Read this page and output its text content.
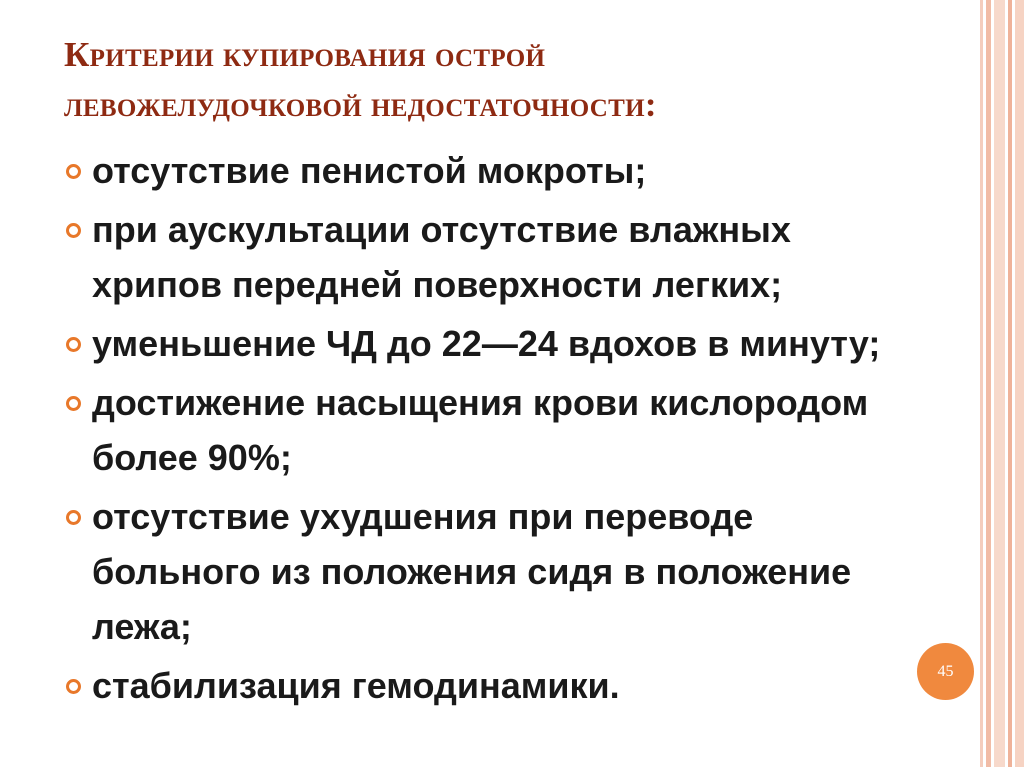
Критерии купирования острой
левожелудочковой недостаточности:
отсутствие пенистой мокроты;
при аускультации отсутствие влажных
хрипов передней поверхности легких;
уменьшение ЧД до 22—24 вдохов в минуту;
достижение насыщения крови кислородом
более 90%;
отсутствие ухудшения при переводе
больного из положения сидя в положение
лежа;
стабилизация гемодинамики.	45
